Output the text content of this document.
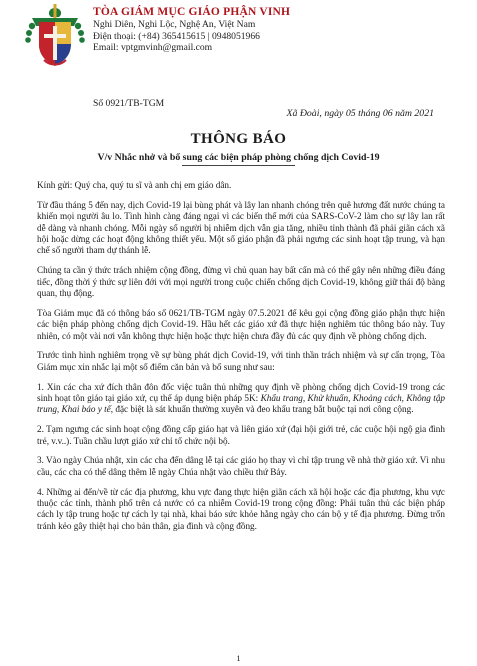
TÒA GIÁM MỤC GIÁO PHẬN VINH
Nghi Diên, Nghi Lộc, Nghệ An, Việt Nam
Điện thoại: (+84) 365415615 | 0948051966
Email: vptgmvinh@gmail.com
Số 0921/TB-TGM
Xã Đoài, ngày 05 tháng 06 năm 2021
THÔNG BÁO
V/v Nhắc nhở và bổ sung các biện pháp phòng chống dịch Covid-19

Kính gửi: Quý cha, quý tu sĩ và anh chị em giáo dân.

Từ đầu tháng 5 đến nay, dịch Covid-19 lại bùng phát và lây lan nhanh chóng trên quê hương đất nước chúng ta khiến mọi người âu lo. Tình hình càng đáng ngại vì các biến thể mới của SARS-CoV-2 làm cho sự lây lan rất dễ dàng và nhanh chóng. Mỗi ngày số người bị nhiễm dịch vẫn gia tăng, nhiều tỉnh thành đã phải giãn cách xã hội hoặc dừng các hoạt động không thiết yếu. Một số giáo phận đã phải ngưng các sinh hoạt tập trung, và hạn chế số người tham dự thánh lễ.

Chúng ta cần ý thức trách nhiệm cộng đồng, đừng vì chủ quan hay bất cẩn mà có thể gây nên những điều đáng tiếc, đồng thời ý thức sự liên đới với mọi người trong cuộc chiến chống dịch Covid-19, không giữ thái độ bàng quan, thụ động.

Tòa Giám mục đã có thông báo số 0621/TB-TGM ngày 07.5.2021 để kêu gọi cộng đồng giáo phận thực hiện các biện pháp phòng chống dịch Covid-19. Hầu hết các giáo xứ đã thực hiện nghiêm túc thông báo này. Tuy nhiên, có một vài nơi vẫn không thực hiện hoặc thực hiện chưa đầy đủ các quy định về phòng chống dịch.

Trước tình hình nghiêm trọng về sự bùng phát dịch Covid-19, với tinh thần trách nhiệm và sự cẩn trọng, Tòa Giám mục xin nhắc lại một số điểm căn bản và bổ sung như sau:

1. Xin các cha xứ đích thân đôn đốc việc tuân thủ những quy định về phòng chống dịch Covid-19 trong các sinh hoạt tôn giáo tại giáo xứ, cụ thể áp dụng biện pháp 5K: Khẩu trang, Khử khuẩn, Khoảng cách, Không tập trung, Khai báo y tế, đặc biệt là sát khuẩn thường xuyên và đeo khẩu trang bắt buộc tại nơi công cộng.

2. Tạm ngưng các sinh hoạt cộng đồng cấp giáo hạt và liên giáo xứ (đại hội giới trẻ, các cuộc hội ngộ gia đình trẻ, v.v..). Tuần chầu lượt giáo xứ chỉ tổ chức nội bộ.

3. Vào ngày Chúa nhật, xin các cha đến dâng lễ tại các giáo họ thay vì chỉ tập trung về nhà thờ giáo xứ. Vì nhu cầu, các cha có thể dâng thêm lễ ngày Chúa nhật vào chiều thứ Bảy.

4. Những ai đến/về từ các địa phương, khu vực đang thực hiện giãn cách xã hội hoặc các địa phương, khu vực thuộc các tỉnh, thành phố trên cả nước có ca nhiễm Covid-19 trong cộng đồng: Phải tuân thủ các biện pháp cách ly tập trung hoặc tự cách ly tại nhà, khai báo sức khỏe hằng ngày cho cán bộ y tế địa phương. Đừng trốn tránh kẻo gây thiệt hại cho bản thân, gia đình và cộng đồng.

1
